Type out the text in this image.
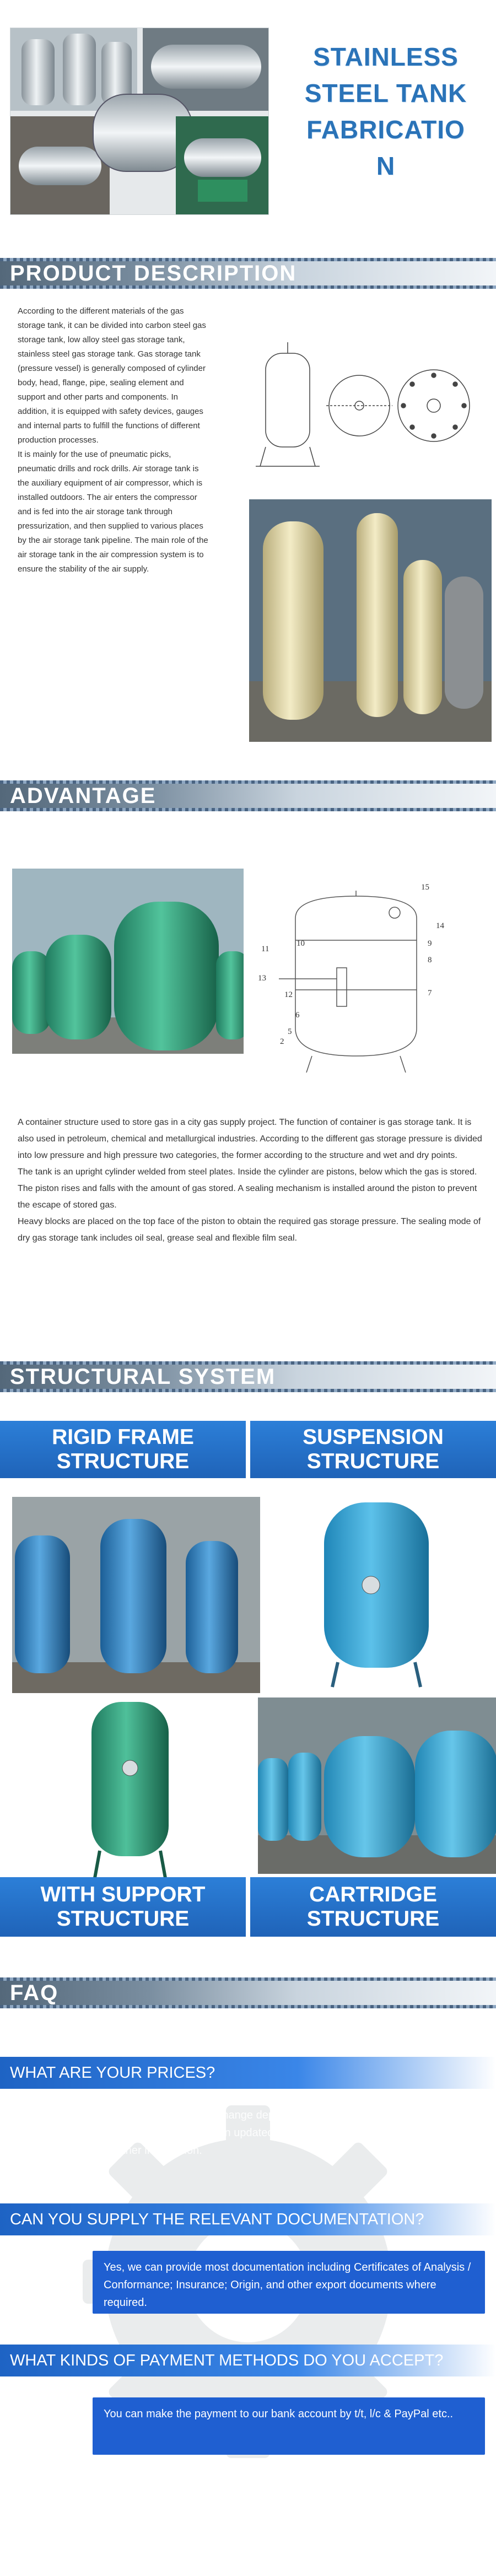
STAINLESS
STEEL TANK
FABRICATIO
N
PRODUCT DESCRIPTION

According to the different materials of the gas storage tank, it can be divided into carbon steel gas storage tank, low alloy steel gas storage tank, stainless steel gas storage tank. Gas storage tank (pressure vessel) is generally composed of cylinder body, head, flange, pipe, sealing element and support and other parts and components. In addition, it is equipped with safety devices, gauges and internal parts to fulfill the functions of different production processes.

It is mainly for the use of pneumatic picks, pneumatic drills and rock drills. Air storage tank is the auxiliary equipment of air compressor, which is installed outdoors. The air enters the compressor and is fed into the air storage tank through pressurization, and then supplied to various places by the air storage tank pipeline. The main role of the air storage tank in the air compression system is to ensure the stability of the air supply.

ADVANTAGE
15
14
10	9
11
8
13
7
12
6
5
2

A container structure used to store gas in a city gas supply project. The function of container is gas storage tank. It is also used in petroleum, chemical and metallurgical industries. According to the different gas storage pressure is divided into low pressure and high pressure two categories, the former according to the structure and wet and dry points.

The tank is an upright cylinder welded from steel plates. Inside the cylinder are pistons, below which the gas is stored. The piston rises and falls with the amount of gas stored. A sealing mechanism is installed around the piston to prevent the escape of stored gas.

Heavy blocks are placed on the top face of the piston to obtain the required gas storage pressure. The sealing mode of dry gas storage tank includes oil seal, grease seal and flexible film seal.

STRUCTURAL SYSTEM
RIGID FRAME
STRUCTURE
SUSPENSION
STRUCTURE
WITH SUPPORT
STRUCTURE
CARTRIDGE
STRUCTURE
FAQ
WHAT ARE YOUR PRICES?
Our prices are subject to change depending on supply and other market factors. We will send you an updated price list after your company contacts us for further information.
CAN YOU SUPPLY THE RELEVANT DOCUMENTATION?
Yes, we can provide most documentation including Certificates of Analysis / Conformance; Insurance; Origin, and other export documents where required.
WHAT KINDS OF PAYMENT METHODS DO YOU ACCEPT?
You can make the payment to our bank account by t/t, l/c & PayPal etc..
